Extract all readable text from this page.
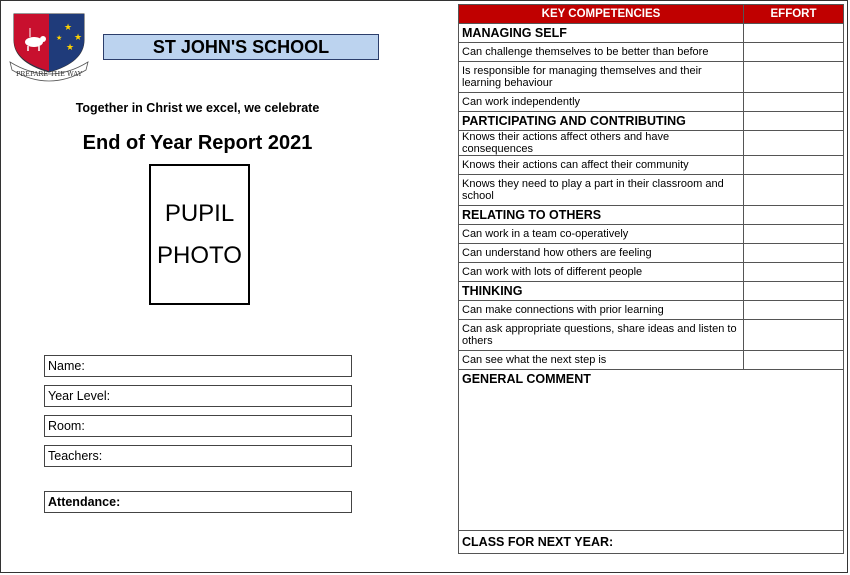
★
★
★
★
PREPARE THE WAY
ST JOHN'S SCHOOL
Together in Christ we excel, we celebrate
End of Year Report 2021
PUPIL
PHOTO
Name:
Year Level:
Room:
Teachers:
Attendance:
KEY COMPETENCIES	EFFORT
MANAGING SELF	
Can challenge themselves to be better than before	
Is responsible for managing themselves and their learning behaviour	
Can work independently	
PARTICIPATING AND CONTRIBUTING	
Knows their actions affect others and have consequences	
Knows their actions can affect their community	
Knows they need to play a part in their classroom and school	
RELATING TO OTHERS	
Can work in a team co-operatively	
Can understand how others are feeling	
Can work with lots of different people	
THINKING	
Can make connections with prior learning	
Can ask appropriate questions, share ideas and listen to others	
Can see what the next step is	
GENERAL COMMENT	
CLASS FOR NEXT YEAR:	
